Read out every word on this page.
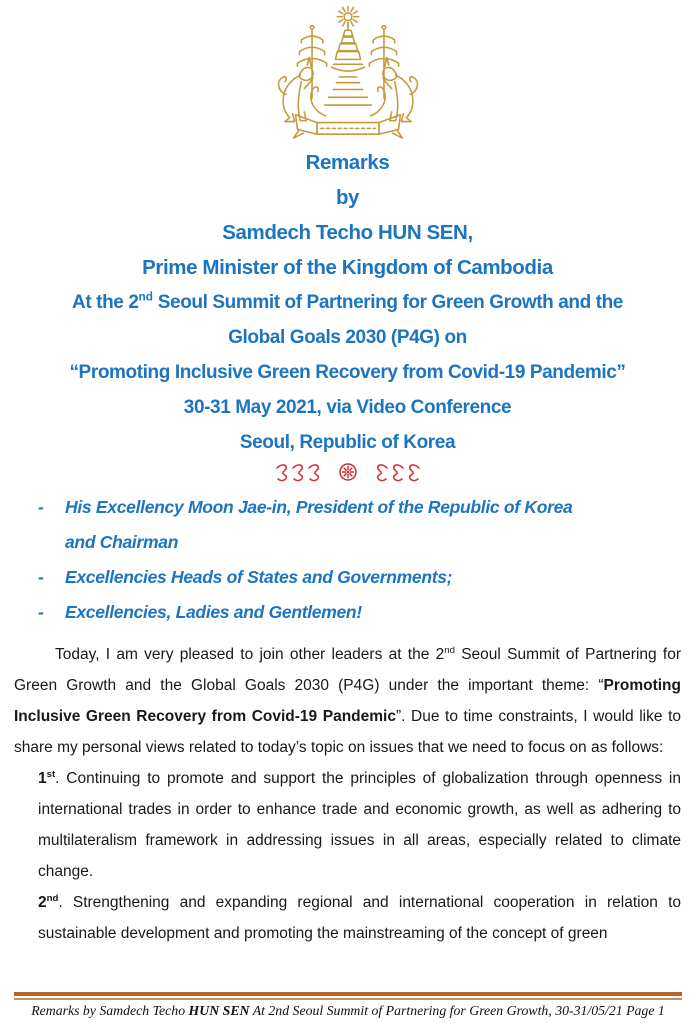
Remarks
by
Samdech Techo HUN SEN,
Prime Minister of the Kingdom of Cambodia
At the 2nd Seoul Summit of Partnering for Green Growth and the
Global Goals 2030 (P4G) on
“Promoting Inclusive Green Recovery from Covid-19 Pandemic”
30-31 May 2021, via Video Conference
Seoul, Republic of Korea
-	His Excellency Moon Jae-in, President of the Republic of Korea
and Chairman
-	Excellencies Heads of States and Governments;
-	Excellencies, Ladies and Gentlemen!

Today, I am very pleased to join other leaders at the 2nd Seoul Summit of Partnering for Green Growth and the Global Goals 2030 (P4G) under the important theme: “Promoting Inclusive Green Recovery from Covid-19 Pandemic”. Due to time constraints, I would like to share my personal views related to today’s topic on issues that we need to focus on as follows:

1st. Continuing to promote and support the principles of globalization through openness in international trades in order to enhance trade and economic growth, as well as adhering to multilateralism framework in addressing issues in all areas, especially related to climate change.

2nd. Strengthening and expanding regional and international cooperation in relation to sustainable development and promoting the mainstreaming of the concept of green

Remarks by Samdech Techo HUN SEN At 2nd Seoul Summit of Partnering for Green Growth, 30-31/05/21 Page 1
